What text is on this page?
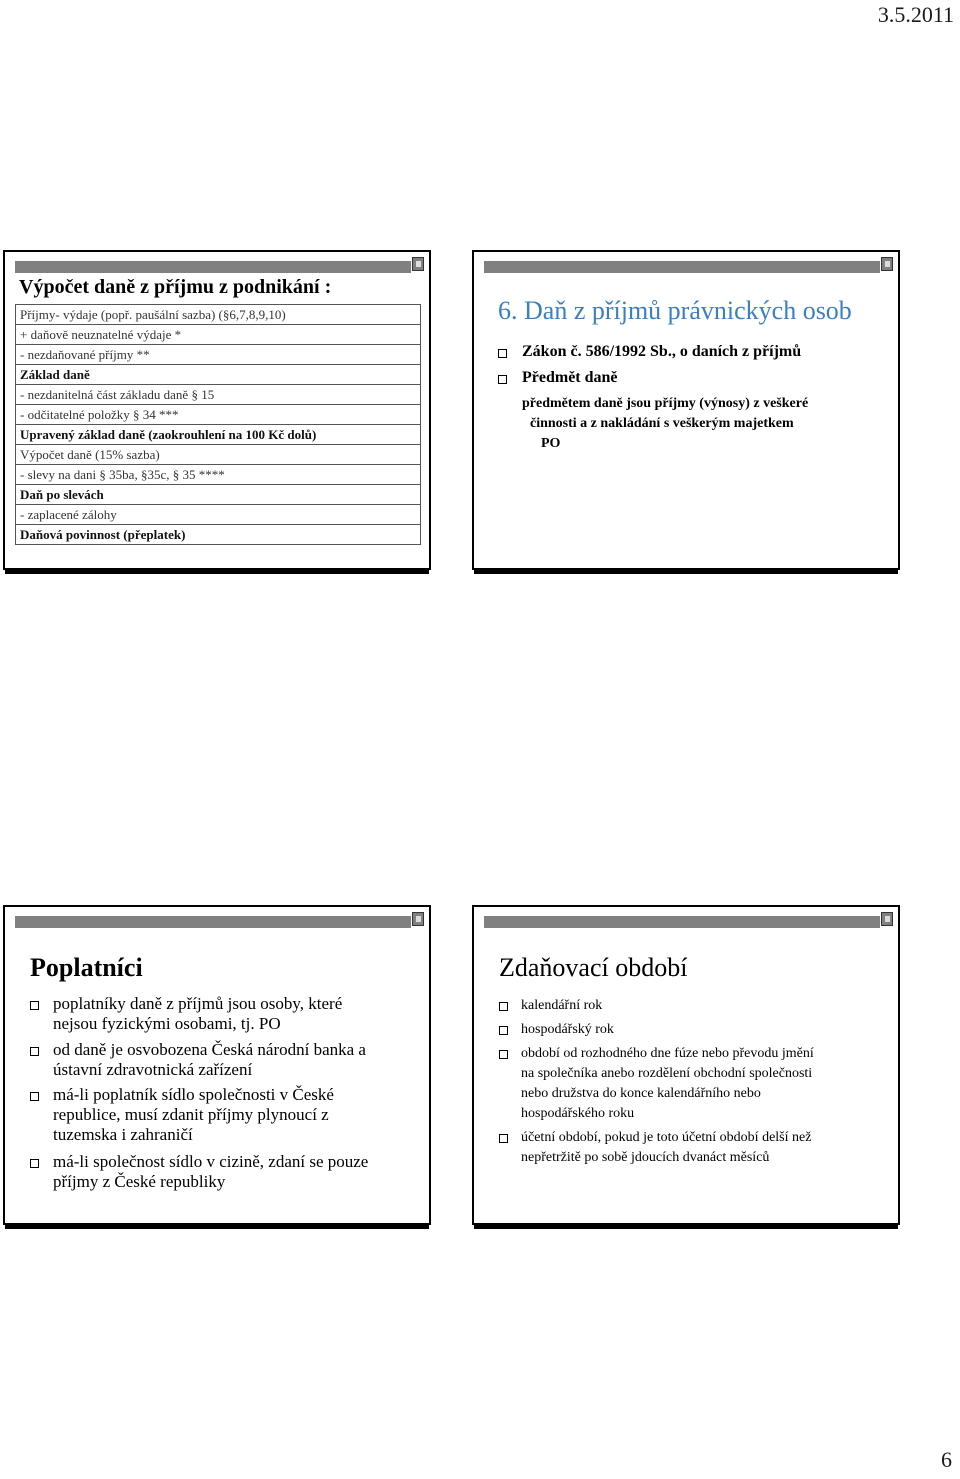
3.5.2011
Výpočet daně z příjmu z podnikání :
Příjmy- výdaje (popř. paušální sazba) (§6,7,8,9,10)
+ daňově neuznatelné výdaje *
- nezdaňované příjmy **
Základ daně
- nezdanitelná část základu daně § 15
- odčitatelné položky § 34 ***
Upravený základ daně (zaokrouhlení na 100 Kč dolů)
Výpočet daně (15% sazba)
- slevy na dani § 35ba, §35c, § 35 ****
Daň po slevách
- zaplacené zálohy
Daňová povinnost (přeplatek)
6. Daň z příjmů právnických osob
Zákon č. 586/1992 Sb., o daních z příjmů
Předmět daně
předmětem daně jsou příjmy (výnosy) z veškeré
činnosti a z nakládání s veškerým majetkem
PO
Poplatníci
poplatníky daně z příjmů jsou osoby, které
nejsou fyzickými osobami, tj. PO
od daně je osvobozena Česká národní banka a
ústavní zdravotnická zařízení
má-li poplatník sídlo společnosti v České
republice, musí zdanit příjmy plynoucí z
tuzemska i zahraničí
má-li společnost sídlo v cizině, zdaní se pouze
příjmy z České republiky
Zdaňovací období
kalendářní rok
hospodářský rok
období od rozhodného dne fúze nebo převodu jmění
na společníka anebo rozdělení obchodní společnosti
nebo družstva do konce kalendářního nebo
hospodářského roku
účetní období, pokud je toto účetní období delší než
nepřetržitě po sobě jdoucích dvanáct měsíců
6
